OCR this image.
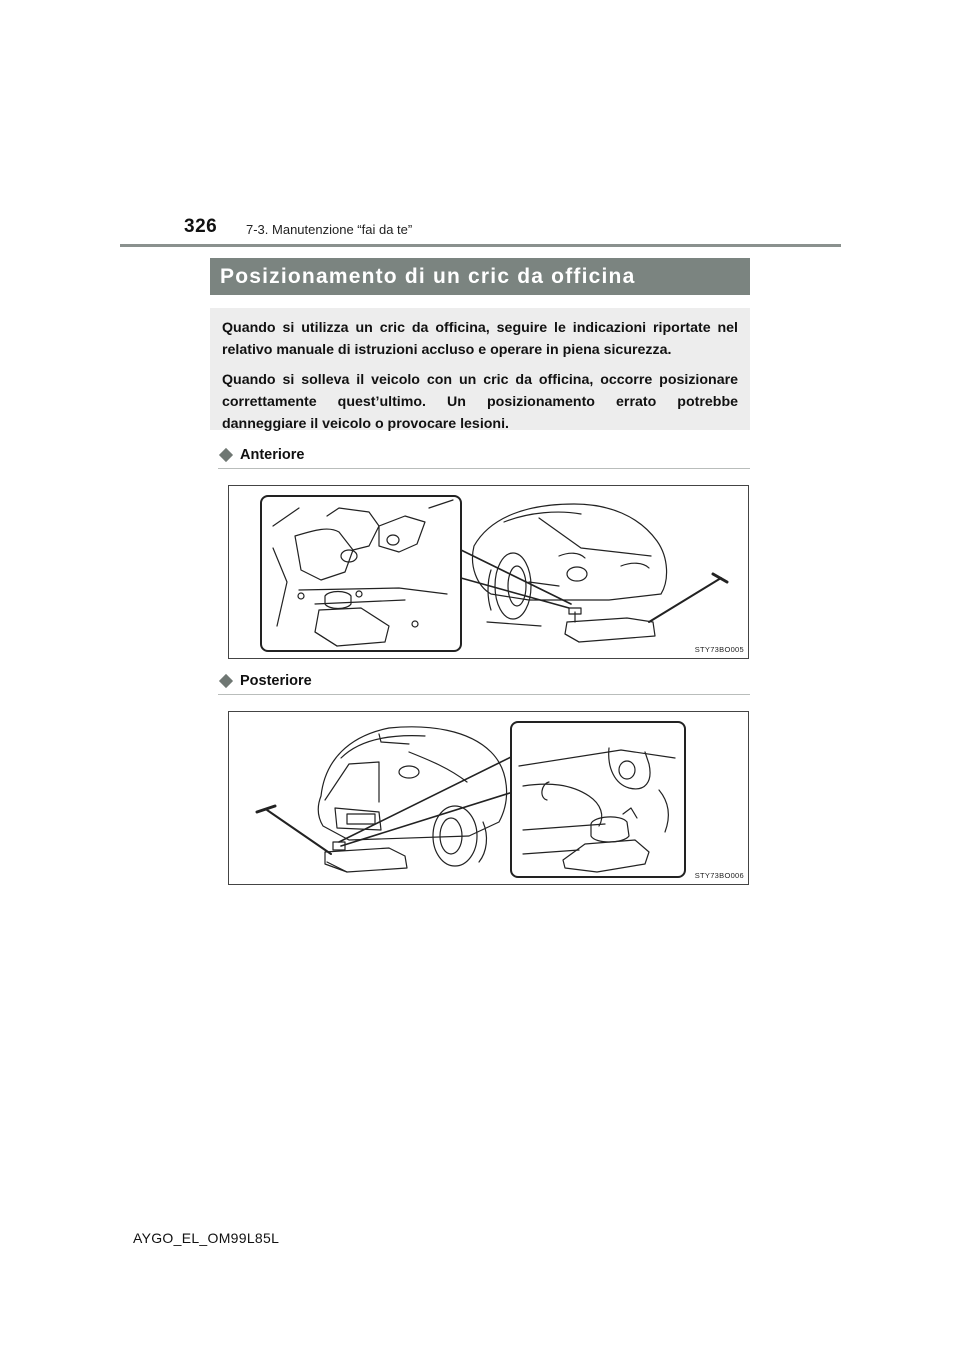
326 7-3. Manutenzione “fai da te”
Posizionamento di un cric da officina

Quando si utilizza un cric da officina, seguire le indicazioni riportate nel relativo manuale di istruzioni accluso e operare in piena sicurezza.

Quando si solleva il veicolo con un cric da officina, occorre posizionare correttamente quest’ultimo. Un posizionamento errato potrebbe danneggiare il veicolo o provocare lesioni.

Anteriore
STY73BO005
Posteriore
STY73BO006
AYGO_EL_OM99L85L
